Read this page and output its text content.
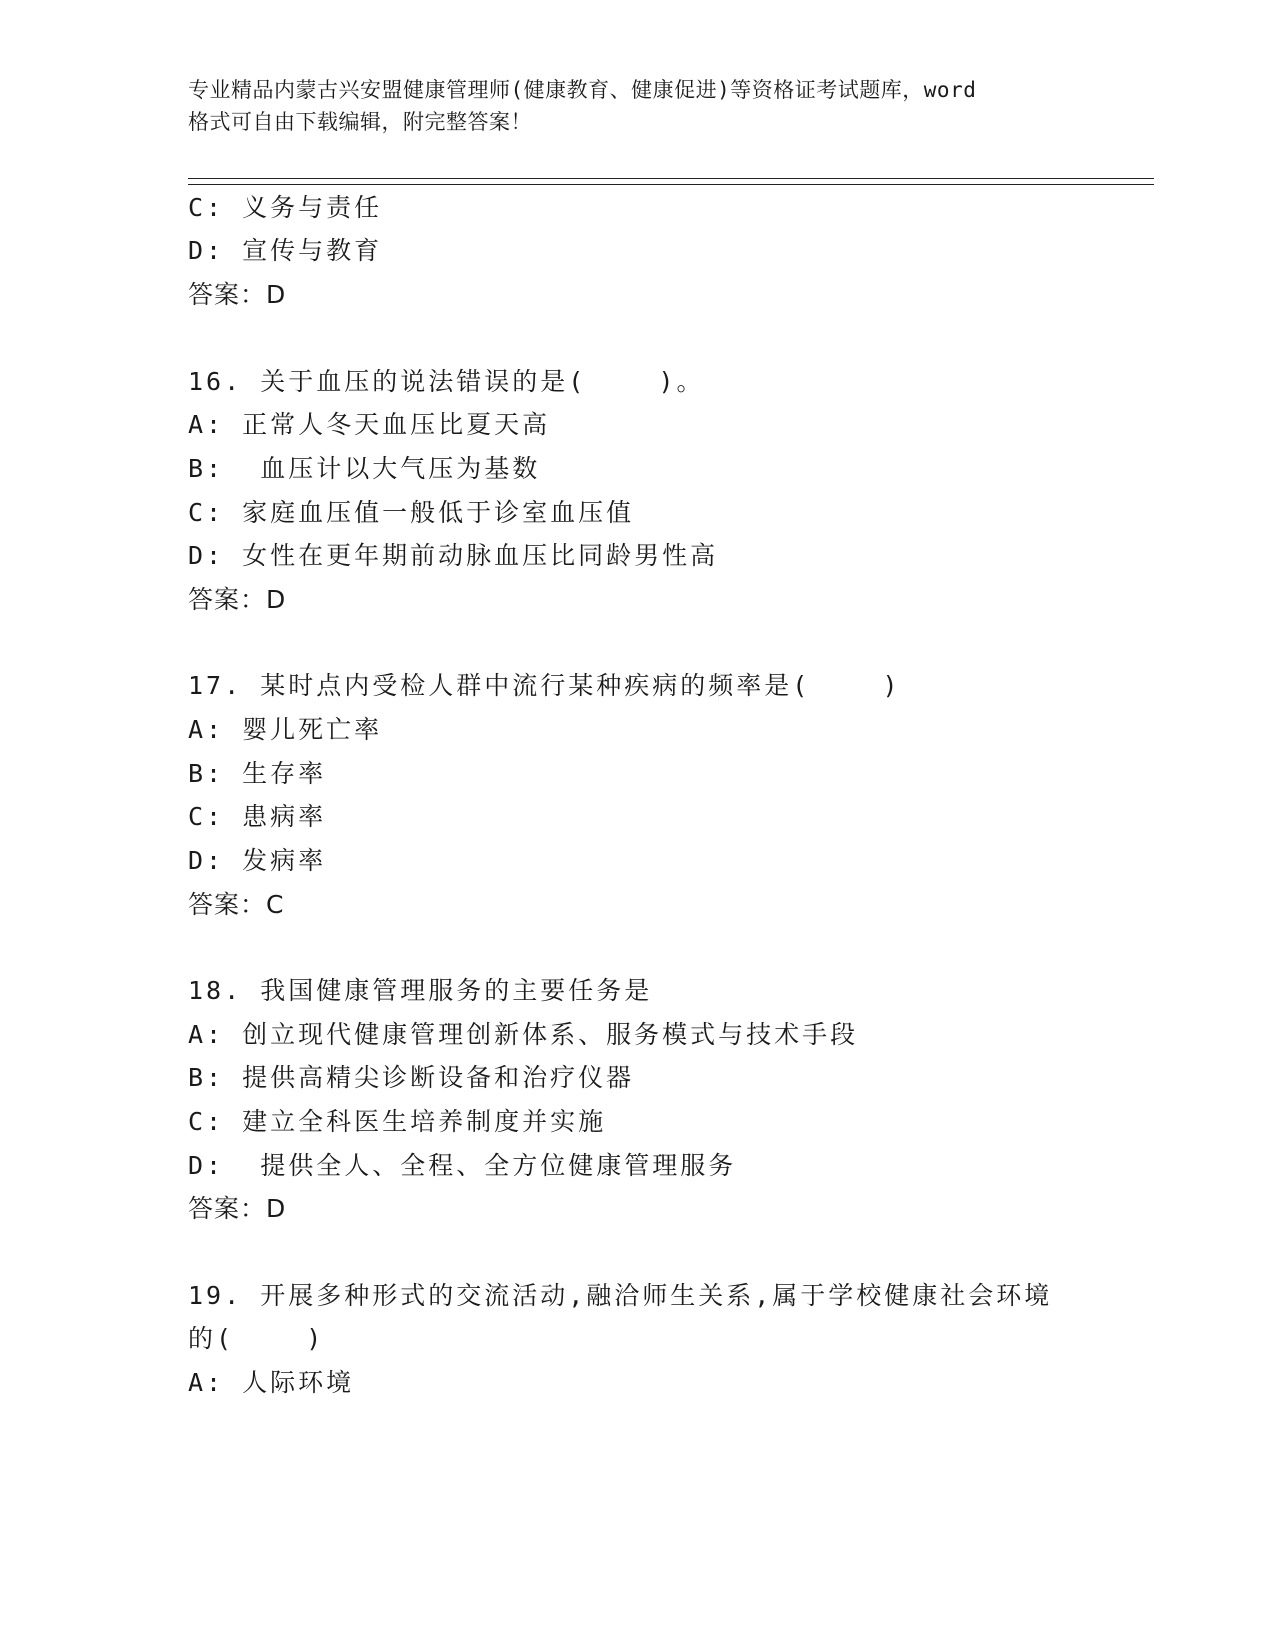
专业精品内蒙古兴安盟健康管理师(健康教育、健康促进)等资格证考试题库，word
格式可自由下载编辑，附完整答案！
C: 义务与责任
D: 宣传与教育
答案：D
16. 关于血压的说法错误的是(    )。
A: 正常人冬天血压比夏天高
B:  血压计以大气压为基数
C: 家庭血压值一般低于诊室血压值
D: 女性在更年期前动脉血压比同龄男性高
答案：D
17. 某时点内受检人群中流行某种疾病的频率是(    )
A: 婴儿死亡率
B: 生存率
C: 患病率
D: 发病率
答案：C
18. 我国健康管理服务的主要任务是
A: 创立现代健康管理创新体系、服务模式与技术手段
B: 提供高精尖诊断设备和治疗仪器
C: 建立全科医生培养制度并实施
D:  提供全人、全程、全方位健康管理服务
答案：D
19. 开展多种形式的交流活动,融洽师生关系,属于学校健康社会环境
的(    )
A: 人际环境
